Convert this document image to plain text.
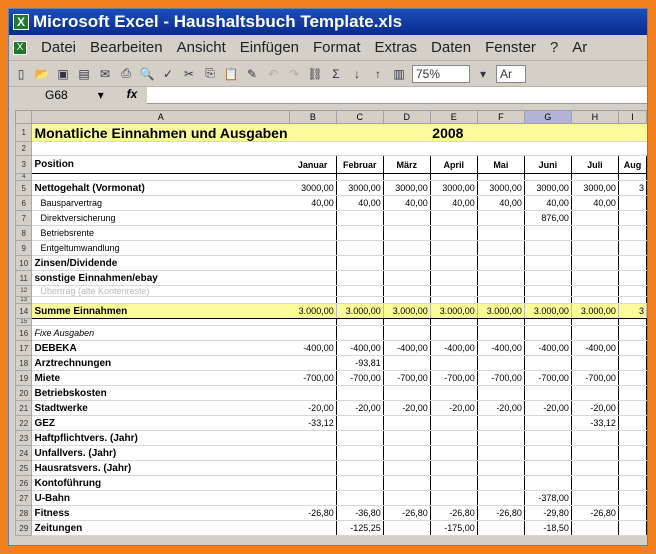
X Microsoft Excel - Haushaltsbuch Template.xls
X Datei Bearbeiten Ansicht Einfügen Format Extras Daten Fenster ? Ar
▯ 📂 ▣ ▤ ✉ ⎙ 🔍 ✓ ✂ ⎘ 📋 ✎ ↶ ↷ ⛓ Σ	↓	↑	▥ 75%	▾	Ar
G68	▾	fx
	A	B	C	D	E	F	G	H	I
1	Monatliche Einnahmen und Ausgaben				2008				
2									
3	Position	Januar	Februar	März	April	Mai	Juni	Juli	Aug
4									
5	Nettogehalt (Vormonat)	3000,00	3000,00	3000,00	3000,00	3000,00	3000,00	3000,00	3
6	Bausparvertrag	40,00	40,00	40,00	40,00	40,00	40,00	40,00	
7	Direktversicherung						876,00		
8	Betriebsrente								
9	Entgeltumwandlung								
10	Zinsen/Dividende								
11	sonstige Einnahmen/ebay								
12	Übertrag (alte Kontenreste)								
13									
14	Summe Einnahmen	3.000,00	3.000,00	3.000,00	3.000,00	3.000,00	3.000,00	3.000,00	3
15									
16	Fixe Ausgaben								
17	DEBEKA	-400,00	-400,00	-400,00	-400,00	-400,00	-400,00	-400,00	
18	Arztrechnungen		-93,81						
19	Miete	-700,00	-700,00	-700,00	-700,00	-700,00	-700,00	-700,00	
20	Betriebskosten								
21	Stadtwerke	-20,00	-20,00	-20,00	-20,00	-20,00	-20,00	-20,00	
22	GEZ	-33,12						-33,12	
23	Haftpflichtvers. (Jahr)								
24	Unfallvers. (Jahr)								
25	Hausratsvers. (Jahr)								
26	Kontoführung								
27	U-Bahn						-378,00		
28	Fitness	-26,80	-36,80	-26,80	-26,80	-26,80	-29,80	-26,80	
29	Zeitungen		-125,25		-175,00		-18,50		
